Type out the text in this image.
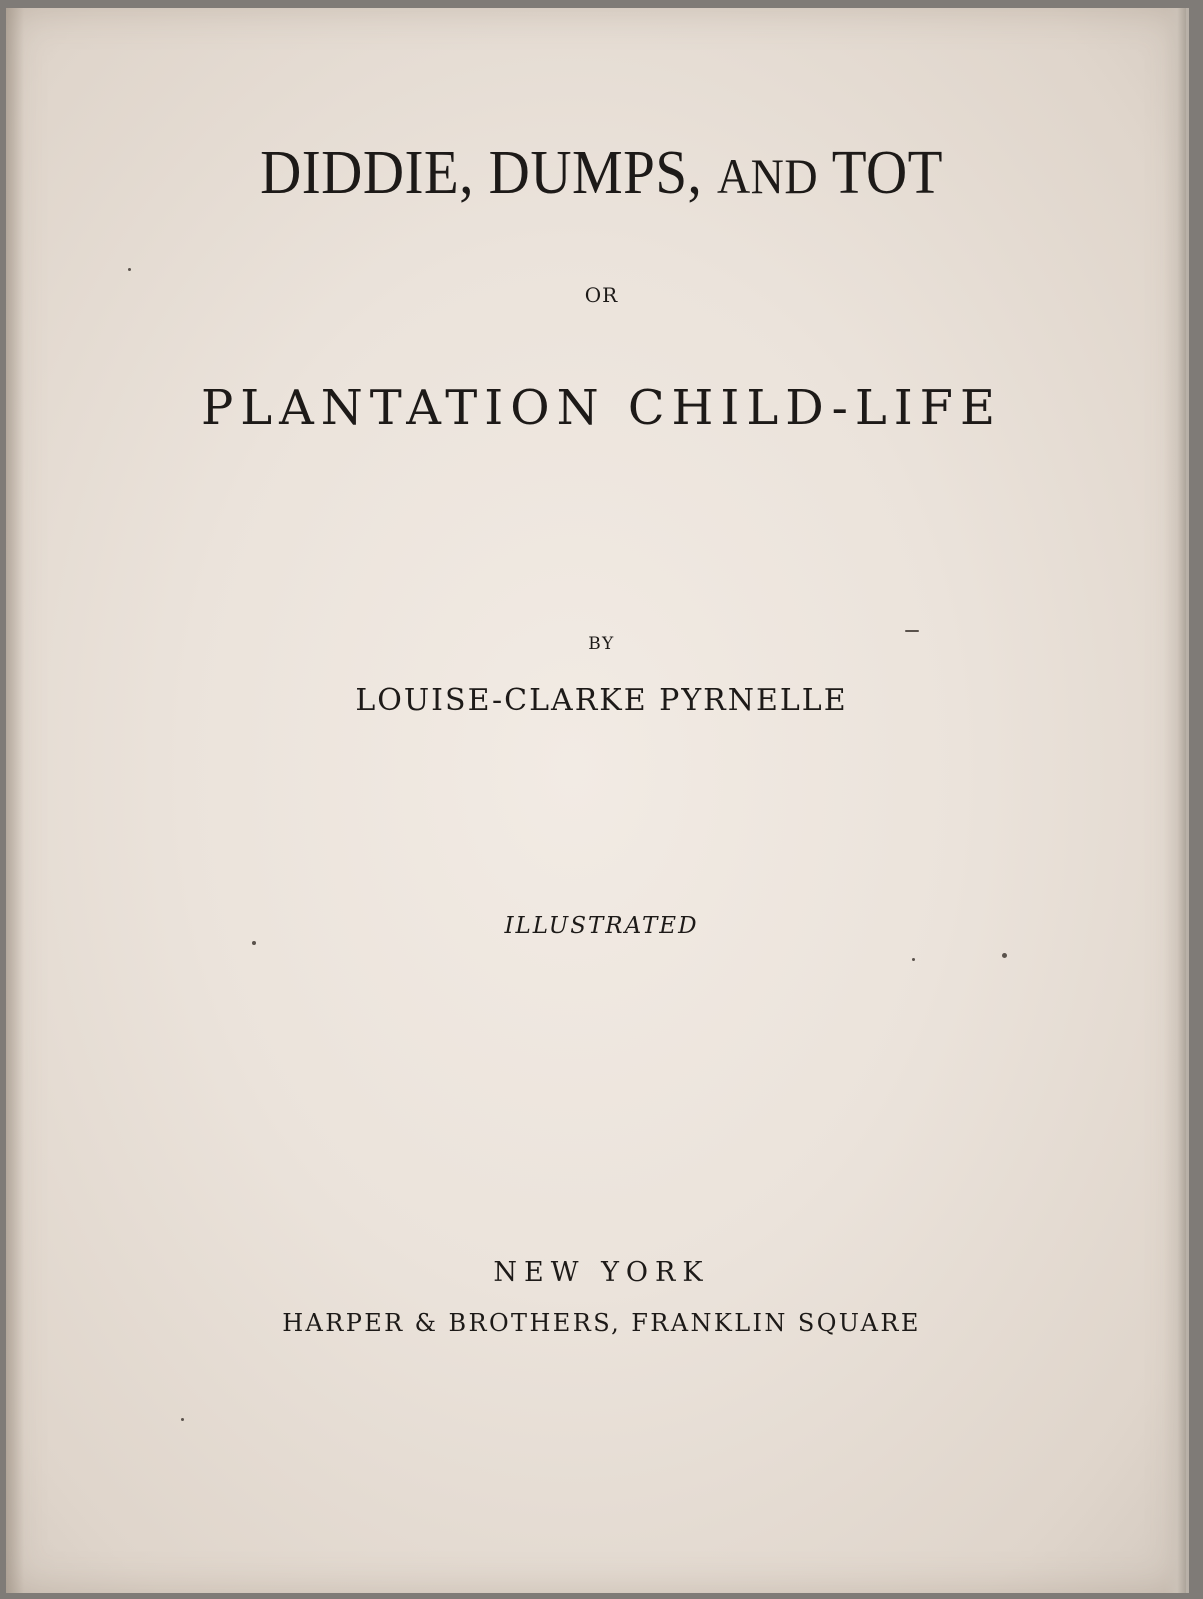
DIDDIE, DUMPS, AND TOT
OR
PLANTATION CHILD-LIFE
BY
LOUISE-CLARKE PYRNELLE
ILLUSTRATED
NEW YORK
HARPER & BROTHERS, FRANKLIN SQUARE
